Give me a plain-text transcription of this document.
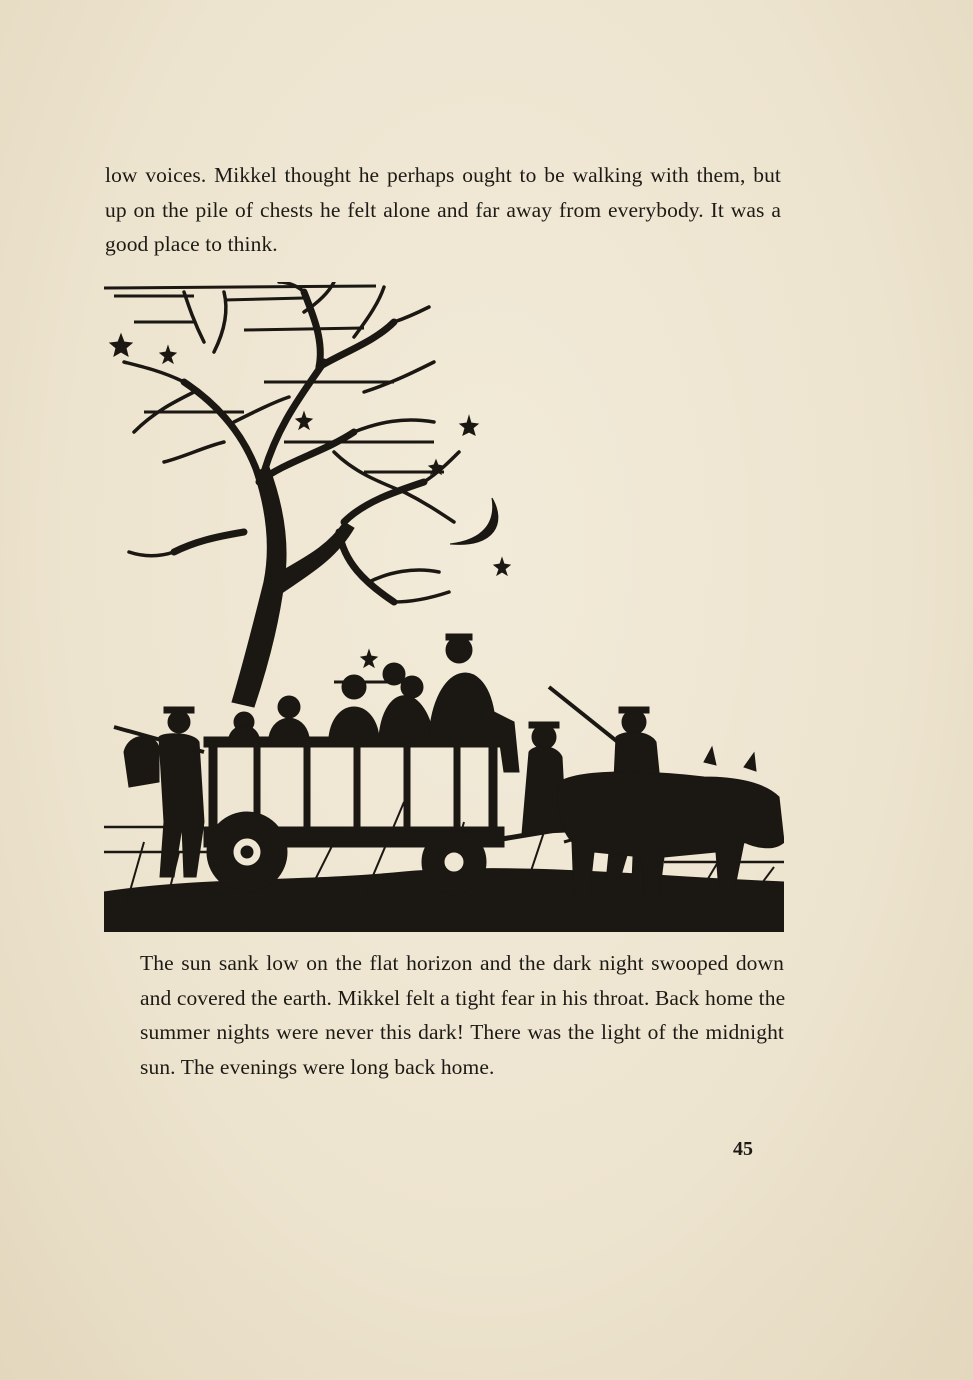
low voices. Mikkel thought he perhaps ought to be walking with them, but
up on the pile of chests he felt alone and far away from everybody. It was a
good place to think.
The sun sank low on the flat horizon and the dark night swooped down
and covered the earth. Mikkel felt a tight fear in his throat. Back home the
summer nights were never this dark! There was the light of the midnight
sun. The evenings were long back home.
45
